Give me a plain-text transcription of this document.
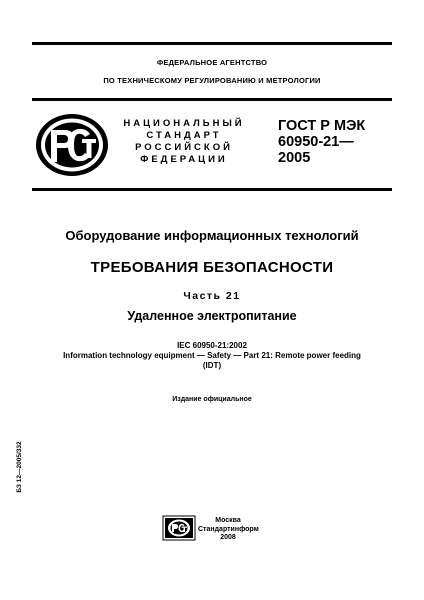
ФЕДЕРАЛЬНОЕ АГЕНТСТВО
ПО ТЕХНИЧЕСКОМУ РЕГУЛИРОВАНИЮ И МЕТРОЛОГИИ
НАЦИОНАЛЬНЫЙ
СТАНДАРТ
РОССИЙСКОЙ
ФЕДЕРАЦИИ
ГОСТ Р МЭК
60950-21—
2005
Оборудование информационных технологий
ТРЕБОВАНИЯ БЕЗОПАСНОСТИ
Часть 21
Удаленное электропитание
IEC 60950-21:2002
Information technology equipment — Safety — Part 21: Remote power feeding
(IDT)
Издание официальное
БЗ 12—2005/332
Москва
Стандартинформ
2008
